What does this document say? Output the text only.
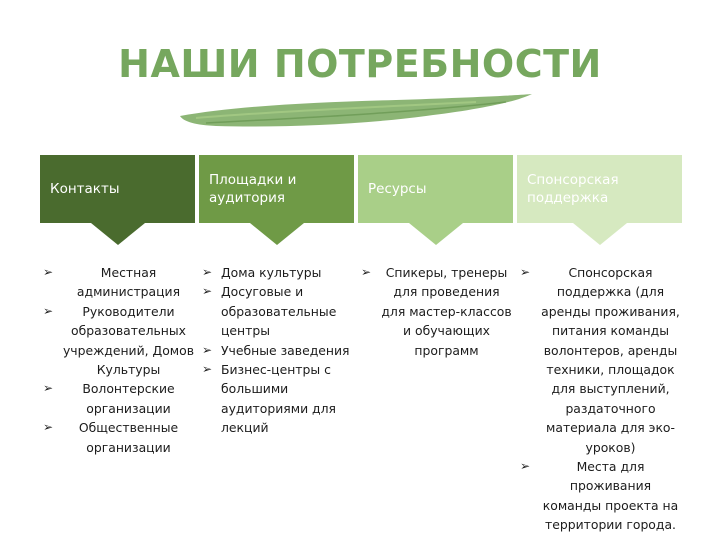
НАШИ ПОТРЕБНОСТИ
Контакты
➢	Местная администрация
➢	Руководители образовательных учреждений, Домов Культуры
➢	Волонтерские организации
➢	Общественные организации
Площадки и аудитория
➢ Дома культуры
➢ Досуговые и образовательные центры
➢ Учебные заведения
➢ Бизнес-центры с большими аудиториями для лекций
Ресурсы
➢	Спикеры, тренеры для проведения для мастер-классов и обучающих программ
Спонсорская поддержка
➢	Спонсорская поддержка (для аренды проживания, питания команды волонтеров, аренды техники, площадок для выступлений, раздаточного материала для эко-уроков)
➢	Места для проживания команды проекта на территории города.
